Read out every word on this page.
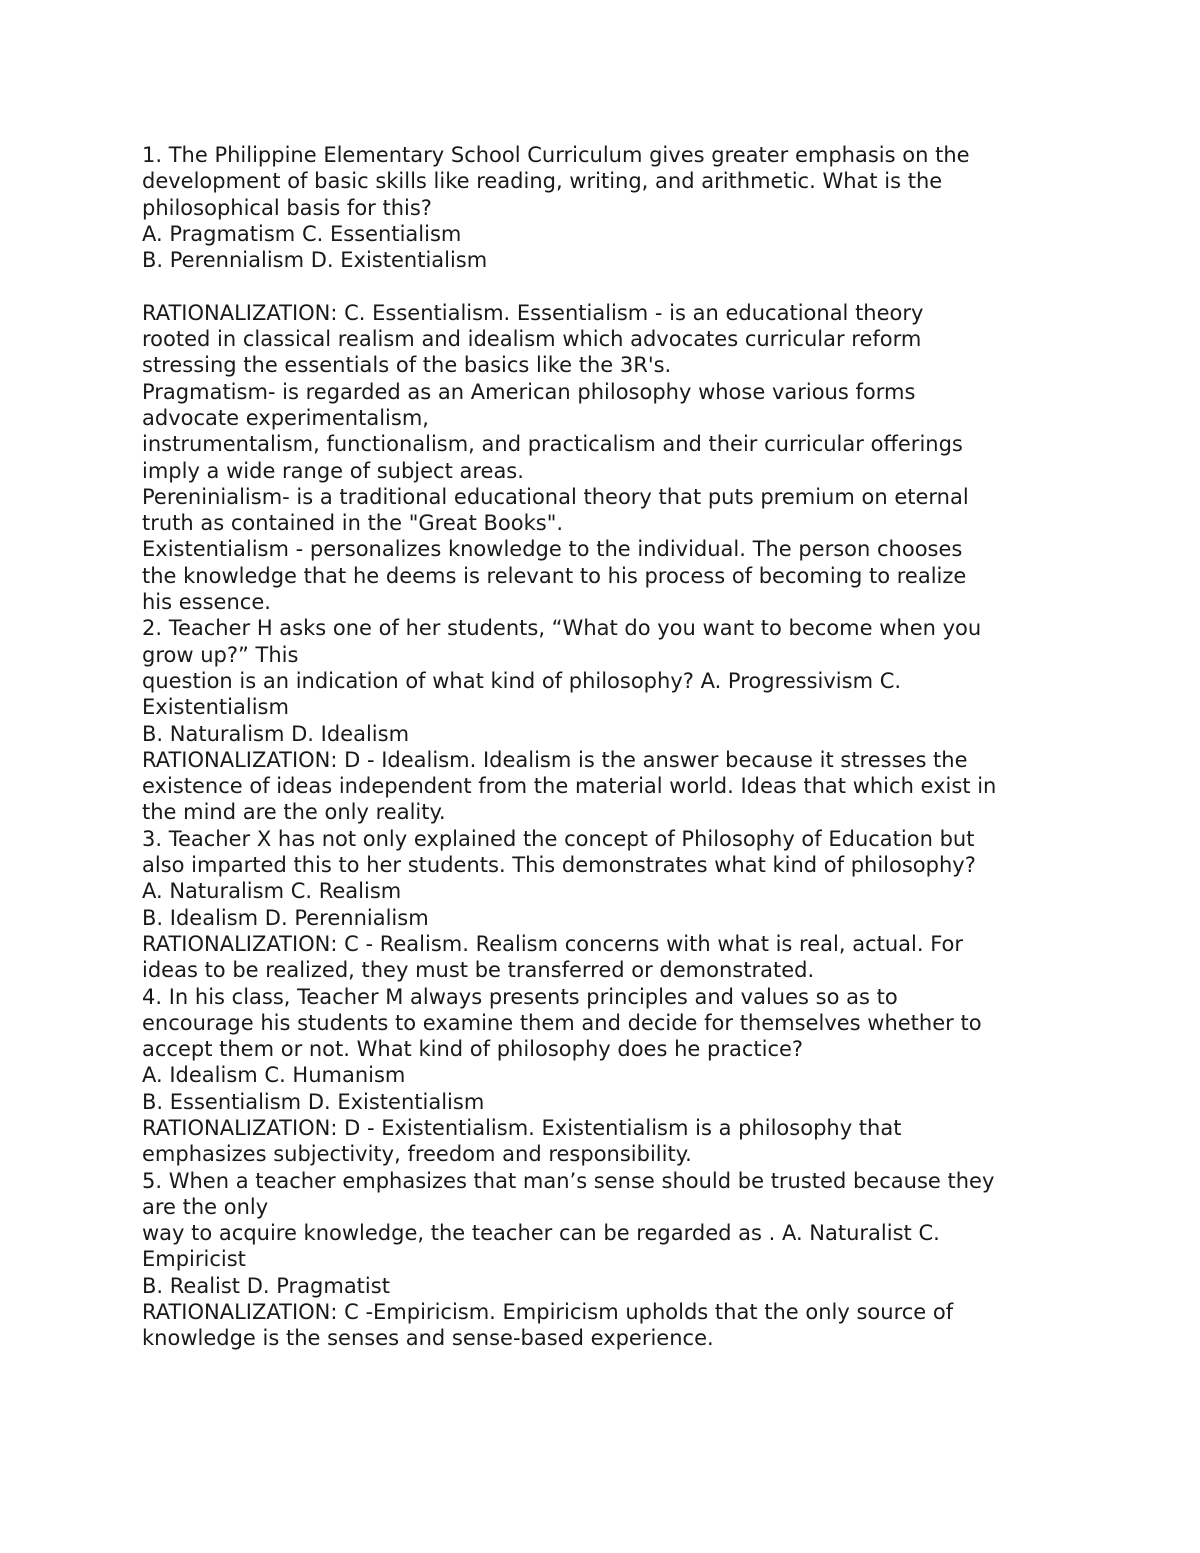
1. The Philippine Elementary School Curriculum gives greater emphasis on the
development of basic skills like reading, writing, and arithmetic. What is the
philosophical basis for this?
A. Pragmatism C. Essentialism
B. Perennialism D. Existentialism
RATIONALIZATION: C. Essentialism. Essentialism - is an educational theory
rooted in classical realism and idealism which advocates curricular reform
stressing the essentials of the basics like the 3R's.
Pragmatism- is regarded as an American philosophy whose various forms
advocate experimentalism,
instrumentalism, functionalism, and practicalism and their curricular offerings
imply a wide range of subject areas.
Pereninialism- is a traditional educational theory that puts premium on eternal
truth as contained in the "Great Books".
Existentialism - personalizes knowledge to the individual. The person chooses
the knowledge that he deems is relevant to his process of becoming to realize
his essence.
2. Teacher H asks one of her students, “What do you want to become when you
grow up?” This
question is an indication of what kind of philosophy? A. Progressivism C.
Existentialism
B. Naturalism D. Idealism
RATIONALIZATION: D - Idealism. Idealism is the answer because it stresses the
existence of ideas independent from the material world. Ideas that which exist in
the mind are the only reality.
3. Teacher X has not only explained the concept of Philosophy of Education but
also imparted this to her students. This demonstrates what kind of philosophy?
A. Naturalism C. Realism
B. Idealism D. Perennialism
RATIONALIZATION: C - Realism. Realism concerns with what is real, actual. For
ideas to be realized, they must be transferred or demonstrated.
4. In his class, Teacher M always presents principles and values so as to
encourage his students to examine them and decide for themselves whether to
accept them or not. What kind of philosophy does he practice?
A. Idealism C. Humanism
B. Essentialism D. Existentialism
RATIONALIZATION: D - Existentialism. Existentialism is a philosophy that
emphasizes subjectivity, freedom and responsibility.
5. When a teacher emphasizes that man’s sense should be trusted because they
are the only
way to acquire knowledge, the teacher can be regarded as . A. Naturalist C.
Empiricist
B. Realist D. Pragmatist
RATIONALIZATION: C -Empiricism. Empiricism upholds that the only source of
knowledge is the senses and sense-based experience.
